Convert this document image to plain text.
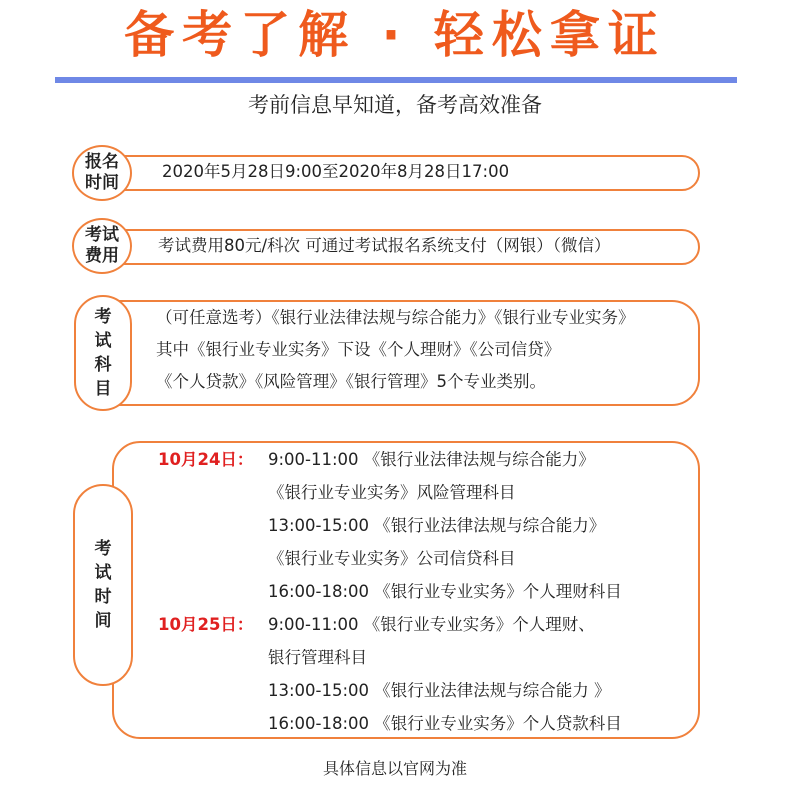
备考了解 · 轻松拿证
考前信息早知道，备考高效准备
2020年5月28日9:00至2020年8月28日17:00
报名时间
考试费用80元/科次 可通过考试报名系统支付（网银）（微信）
考试费用
（可任意选考）《银行业法律法规与综合能力》《银行业专业实务》
其中《银行业专业实务》下设《个人理财》《公司信贷》
《个人贷款》《风险管理》《银行管理》5个专业类别。
考试科目
考试时间
10月24日： 9:00-11:00 《银行业法律法规与综合能力》
《银行业专业实务》风险管理科目
13:00-15:00 《银行业法律法规与综合能力》
《银行业专业实务》公司信贷科目
16:00-18:00 《银行业专业实务》个人理财科目
10月25日： 9:00-11:00 《银行业专业实务》个人理财、
银行管理科目
13:00-15:00 《银行业法律法规与综合能力 》
16:00-18:00 《银行业专业实务》个人贷款科目
具体信息以官网为准
